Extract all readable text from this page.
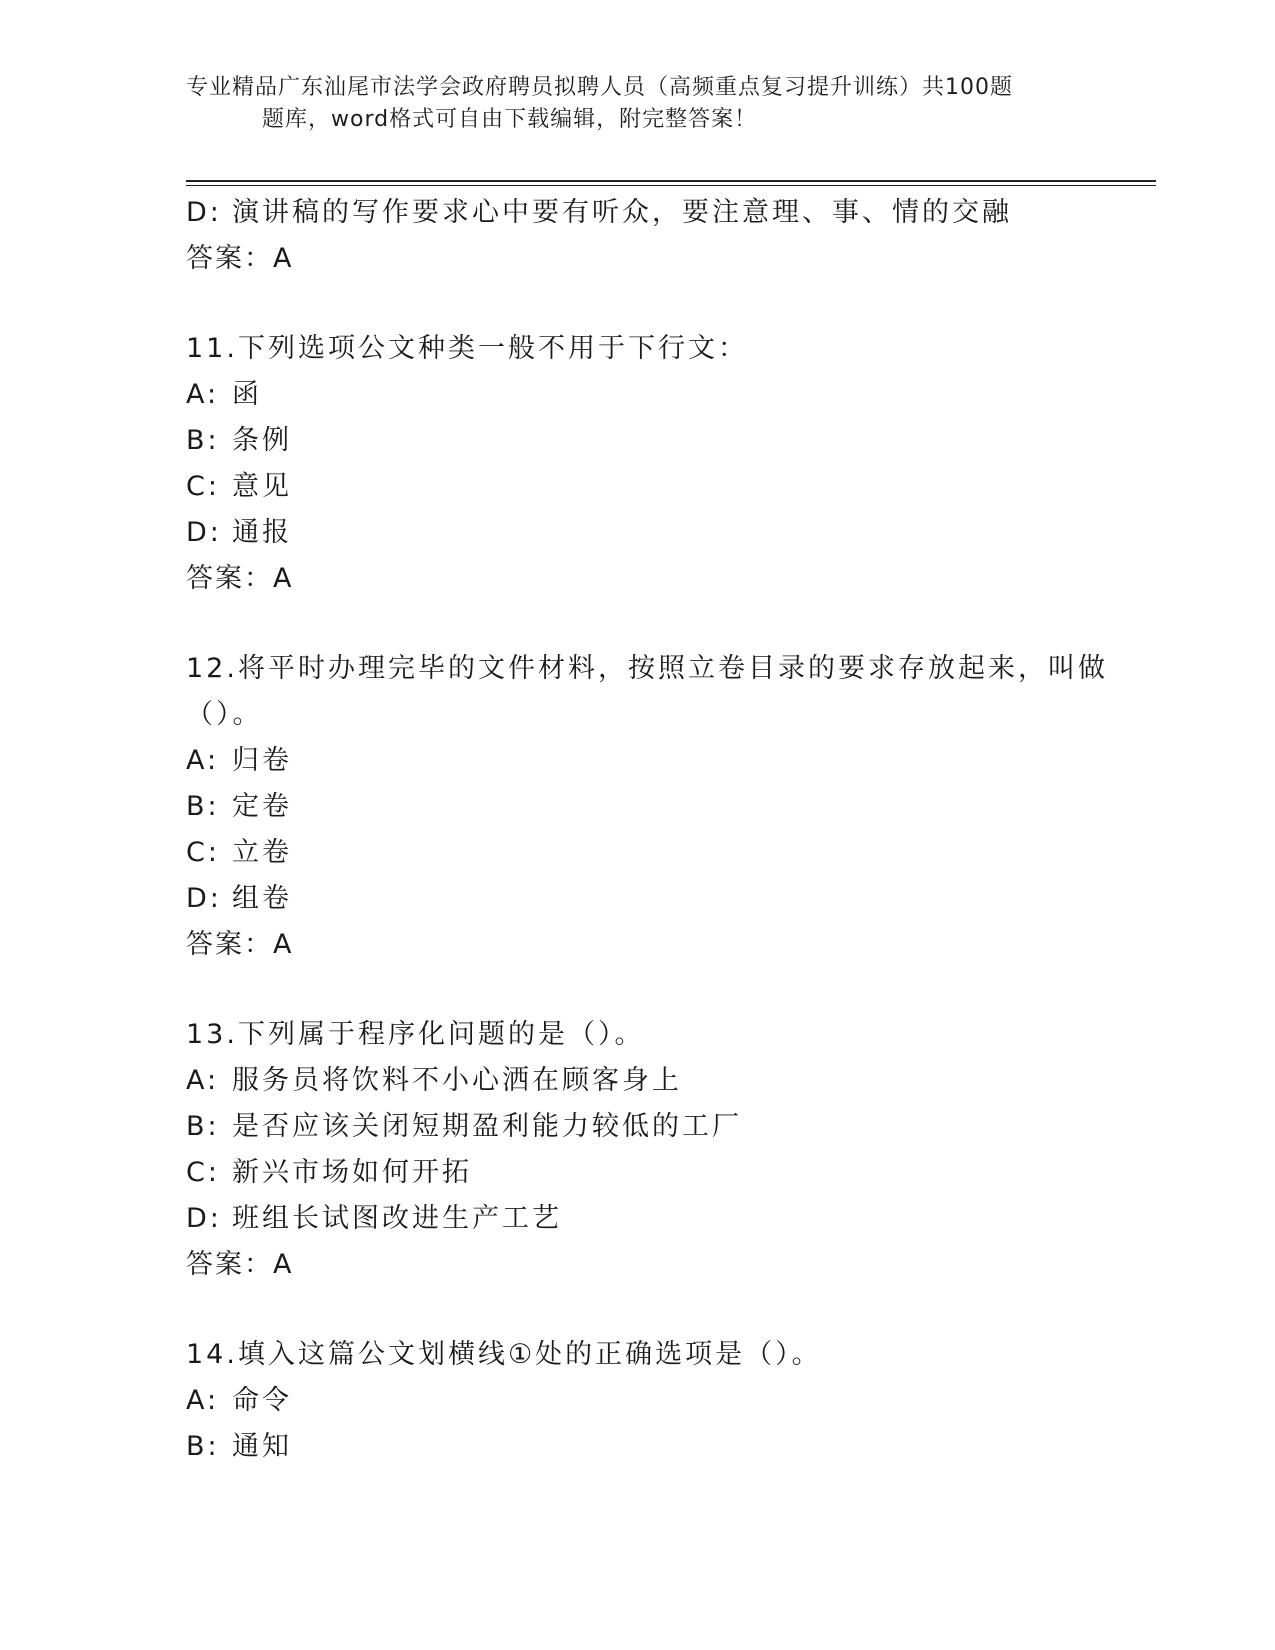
专业精品广东汕尾市法学会政府聘员拟聘人员（高频重点复习提升训练）共100题
题库，word格式可自由下载编辑，附完整答案！
D: 演讲稿的写作要求心中要有听众，要注意理、事、情的交融
答案：A
11.下列选项公文种类一般不用于下行文：
A: 函
B: 条例
C: 意见
D: 通报
答案：A
12.将平时办理完毕的文件材料，按照立卷目录的要求存放起来，叫做
（）。
A: 归卷
B: 定卷
C: 立卷
D: 组卷
答案：A
13.下列属于程序化问题的是（）。
A: 服务员将饮料不小心洒在顾客身上
B: 是否应该关闭短期盈利能力较低的工厂
C: 新兴市场如何开拓
D: 班组长试图改进生产工艺
答案：A
14.填入这篇公文划横线①处的正确选项是（）。
A: 命令
B: 通知
